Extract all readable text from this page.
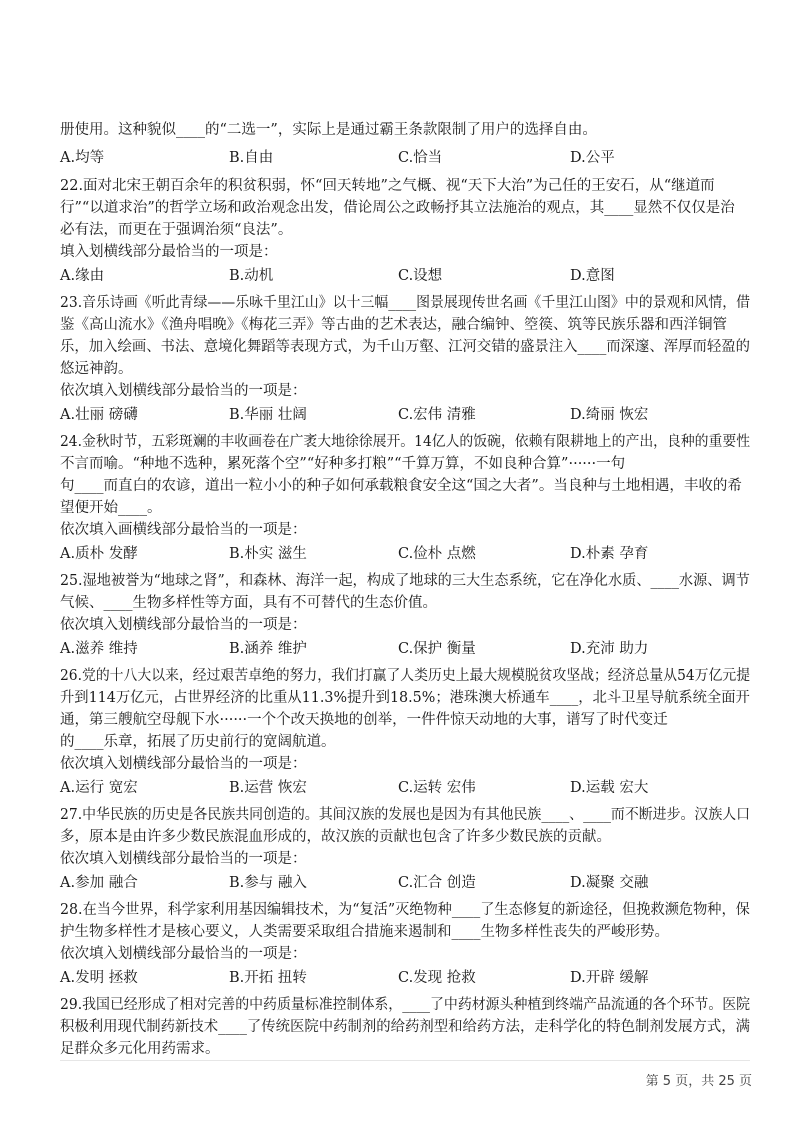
册使用。这种貌似____的“二选一”，实际上是通过霸王条款限制了用户的选择自由。
A.均等	B.自由	C.恰当	D.公平
22.面对北宋王朝百余年的积贫积弱，怀“回天转地”之气概、视“天下大治”为己任的王安石，从“继道而
行”“以道求治”的哲学立场和政治观念出发，借论周公之政畅抒其立法施治的观点，其____显然不仅仅是治
必有法，而更在于强调治须“良法”。
填入划横线部分最恰当的一项是：
A.缘由	B.动机	C.设想	D.意图
23.音乐诗画《听此青绿——乐咏千里江山》以十三幅____图景展现传世名画《千里江山图》中的景观和风情，借
鉴《高山流水》《渔舟唱晚》《梅花三弄》等古曲的艺术表达，融合编钟、箜篌、筑等民族乐器和西洋铜管
乐，加入绘画、书法、意境化舞蹈等表现方式，为千山万壑、江河交错的盛景注入____而深邃、浑厚而轻盈的
悠远神韵。
依次填入划横线部分最恰当的一项是：
A.壮丽 磅礴	B.华丽 壮阔	C.宏伟 清雅	D.绮丽 恢宏
24.金秋时节，五彩斑斓的丰收画卷在广袤大地徐徐展开。14亿人的饭碗，依赖有限耕地上的产出，良种的重要性
不言而喻。“种地不选种，累死落个空”“好种多打粮”“千算万算，不如良种合算”······一句
句____而直白的农谚，道出一粒小小的种子如何承载粮食安全这“国之大者”。当良种与土地相遇，丰收的希
望便开始____。
依次填入画横线部分最恰当的一项是：
A.质朴 发酵	B.朴实 滋生	C.俭朴 点燃	D.朴素 孕育
25.湿地被誉为“地球之肾”，和森林、海洋一起，构成了地球的三大生态系统，它在净化水质、____水源、调节
气候、____生物多样性等方面，具有不可替代的生态价值。
依次填入划横线部分最恰当的一项是：
A.滋养 维持	B.涵养 维护	C.保护 衡量	D.充沛 助力
26.党的十八大以来，经过艰苦卓绝的努力，我们打赢了人类历史上最大规模脱贫攻坚战；经济总量从54万亿元提
升到114万亿元，占世界经济的比重从11.3%提升到18.5%；港珠澳大桥通车____，北斗卫星导航系统全面开
通，第三艘航空母舰下水······一个个改天换地的创举，一件件惊天动地的大事，谱写了时代变迁
的____乐章，拓展了历史前行的宽阔航道。
依次填入划横线部分最恰当的一项是：
A.运行 宽宏	B.运营 恢宏	C.运转 宏伟	D.运载 宏大
27.中华民族的历史是各民族共同创造的。其间汉族的发展也是因为有其他民族____、____而不断进步。汉族人口
多，原本是由许多少数民族混血形成的，故汉族的贡献也包含了许多少数民族的贡献。
依次填入划横线部分最恰当的一项是：
A.参加 融合	B.参与 融入	C.汇合 创造	D.凝聚 交融
28.在当今世界，科学家利用基因编辑技术，为“复活”灭绝物种____了生态修复的新途径，但挽救濒危物种，保
护生物多样性才是核心要义，人类需要采取组合措施来遏制和____生物多样性丧失的严峻形势。
依次填入划横线部分最恰当的一项是：
A.发明 拯救	B.开拓 扭转	C.发现 抢救	D.开辟 缓解
29.我国已经形成了相对完善的中药质量标准控制体系，____了中药材源头种植到终端产品流通的各个环节。医院
积极利用现代制药新技术____了传统医院中药制剂的给药剂型和给药方法，走科学化的特色制剂发展方式，满
足群众多元化用药需求。
第 5 页，共 25 页
